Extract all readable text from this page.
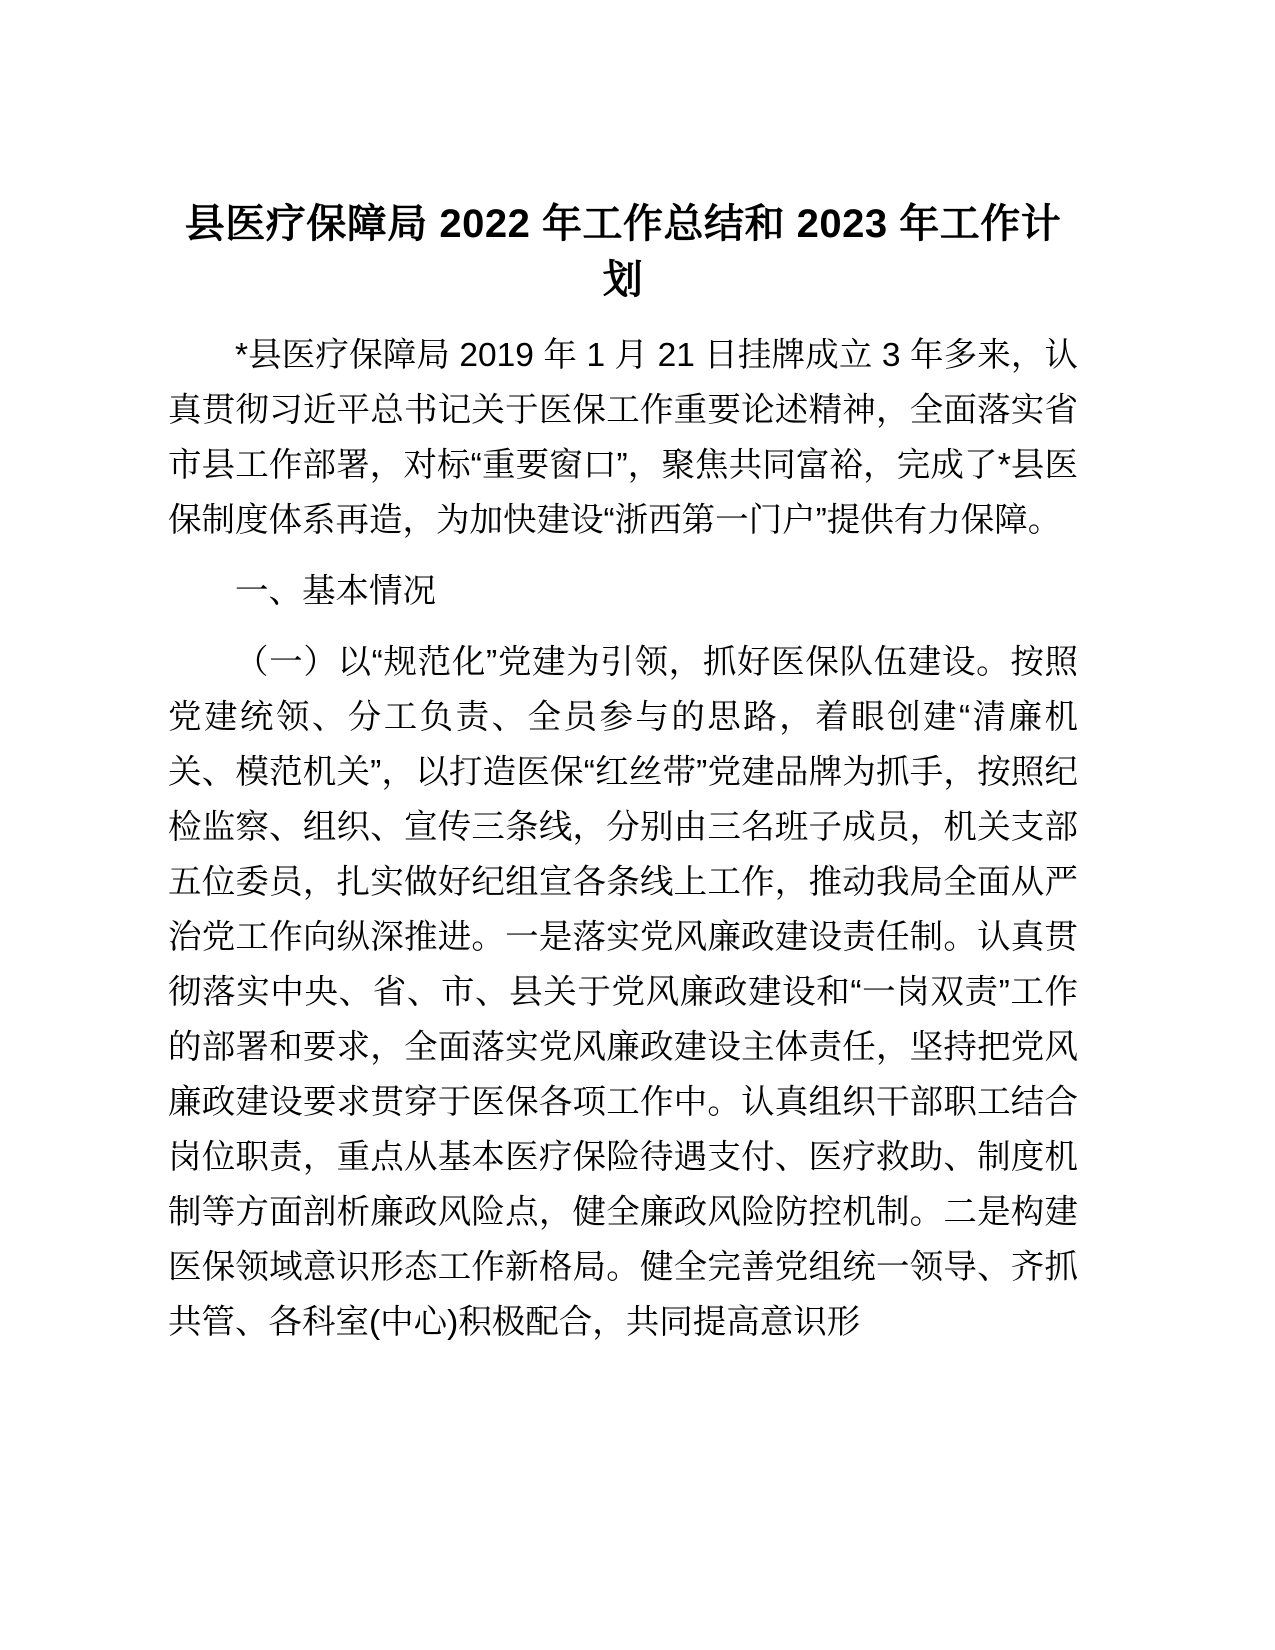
县医疗保障局 2022 年工作总结和 2023 年工作计划

*县医疗保障局 2019 年 1 月 21 日挂牌成立 3 年多来，认真贯彻习近平总书记关于医保工作重要论述精神，全面落实省市县工作部署，对标“重要窗口”，聚焦共同富裕，完成了*县医保制度体系再造，为加快建设“浙西第一门户”提供有力保障。

一、基本情况

（一）以“规范化”党建为引领，抓好医保队伍建设。按照党建统领、分工负责、全员参与的思路，着眼创建“清廉机关、模范机关”，以打造医保“红丝带”党建品牌为抓手，按照纪检监察、组织、宣传三条线，分别由三名班子成员，机关支部五位委员，扎实做好纪组宣各条线上工作，推动我局全面从严治党工作向纵深推进。一是落实党风廉政建设责任制。认真贯彻落实中央、省、市、县关于党风廉政建设和“一岗双责”工作的部署和要求，全面落实党风廉政建设主体责任，坚持把党风廉政建设要求贯穿于医保各项工作中。认真组织干部职工结合岗位职责，重点从基本医疗保险待遇支付、医疗救助、制度机制等方面剖析廉政风险点，健全廉政风险防控机制。二是构建医保领域意识形态工作新格局。健全完善党组统一领导、齐抓共管、各科室(中心)积极配合，共同提高意识形
